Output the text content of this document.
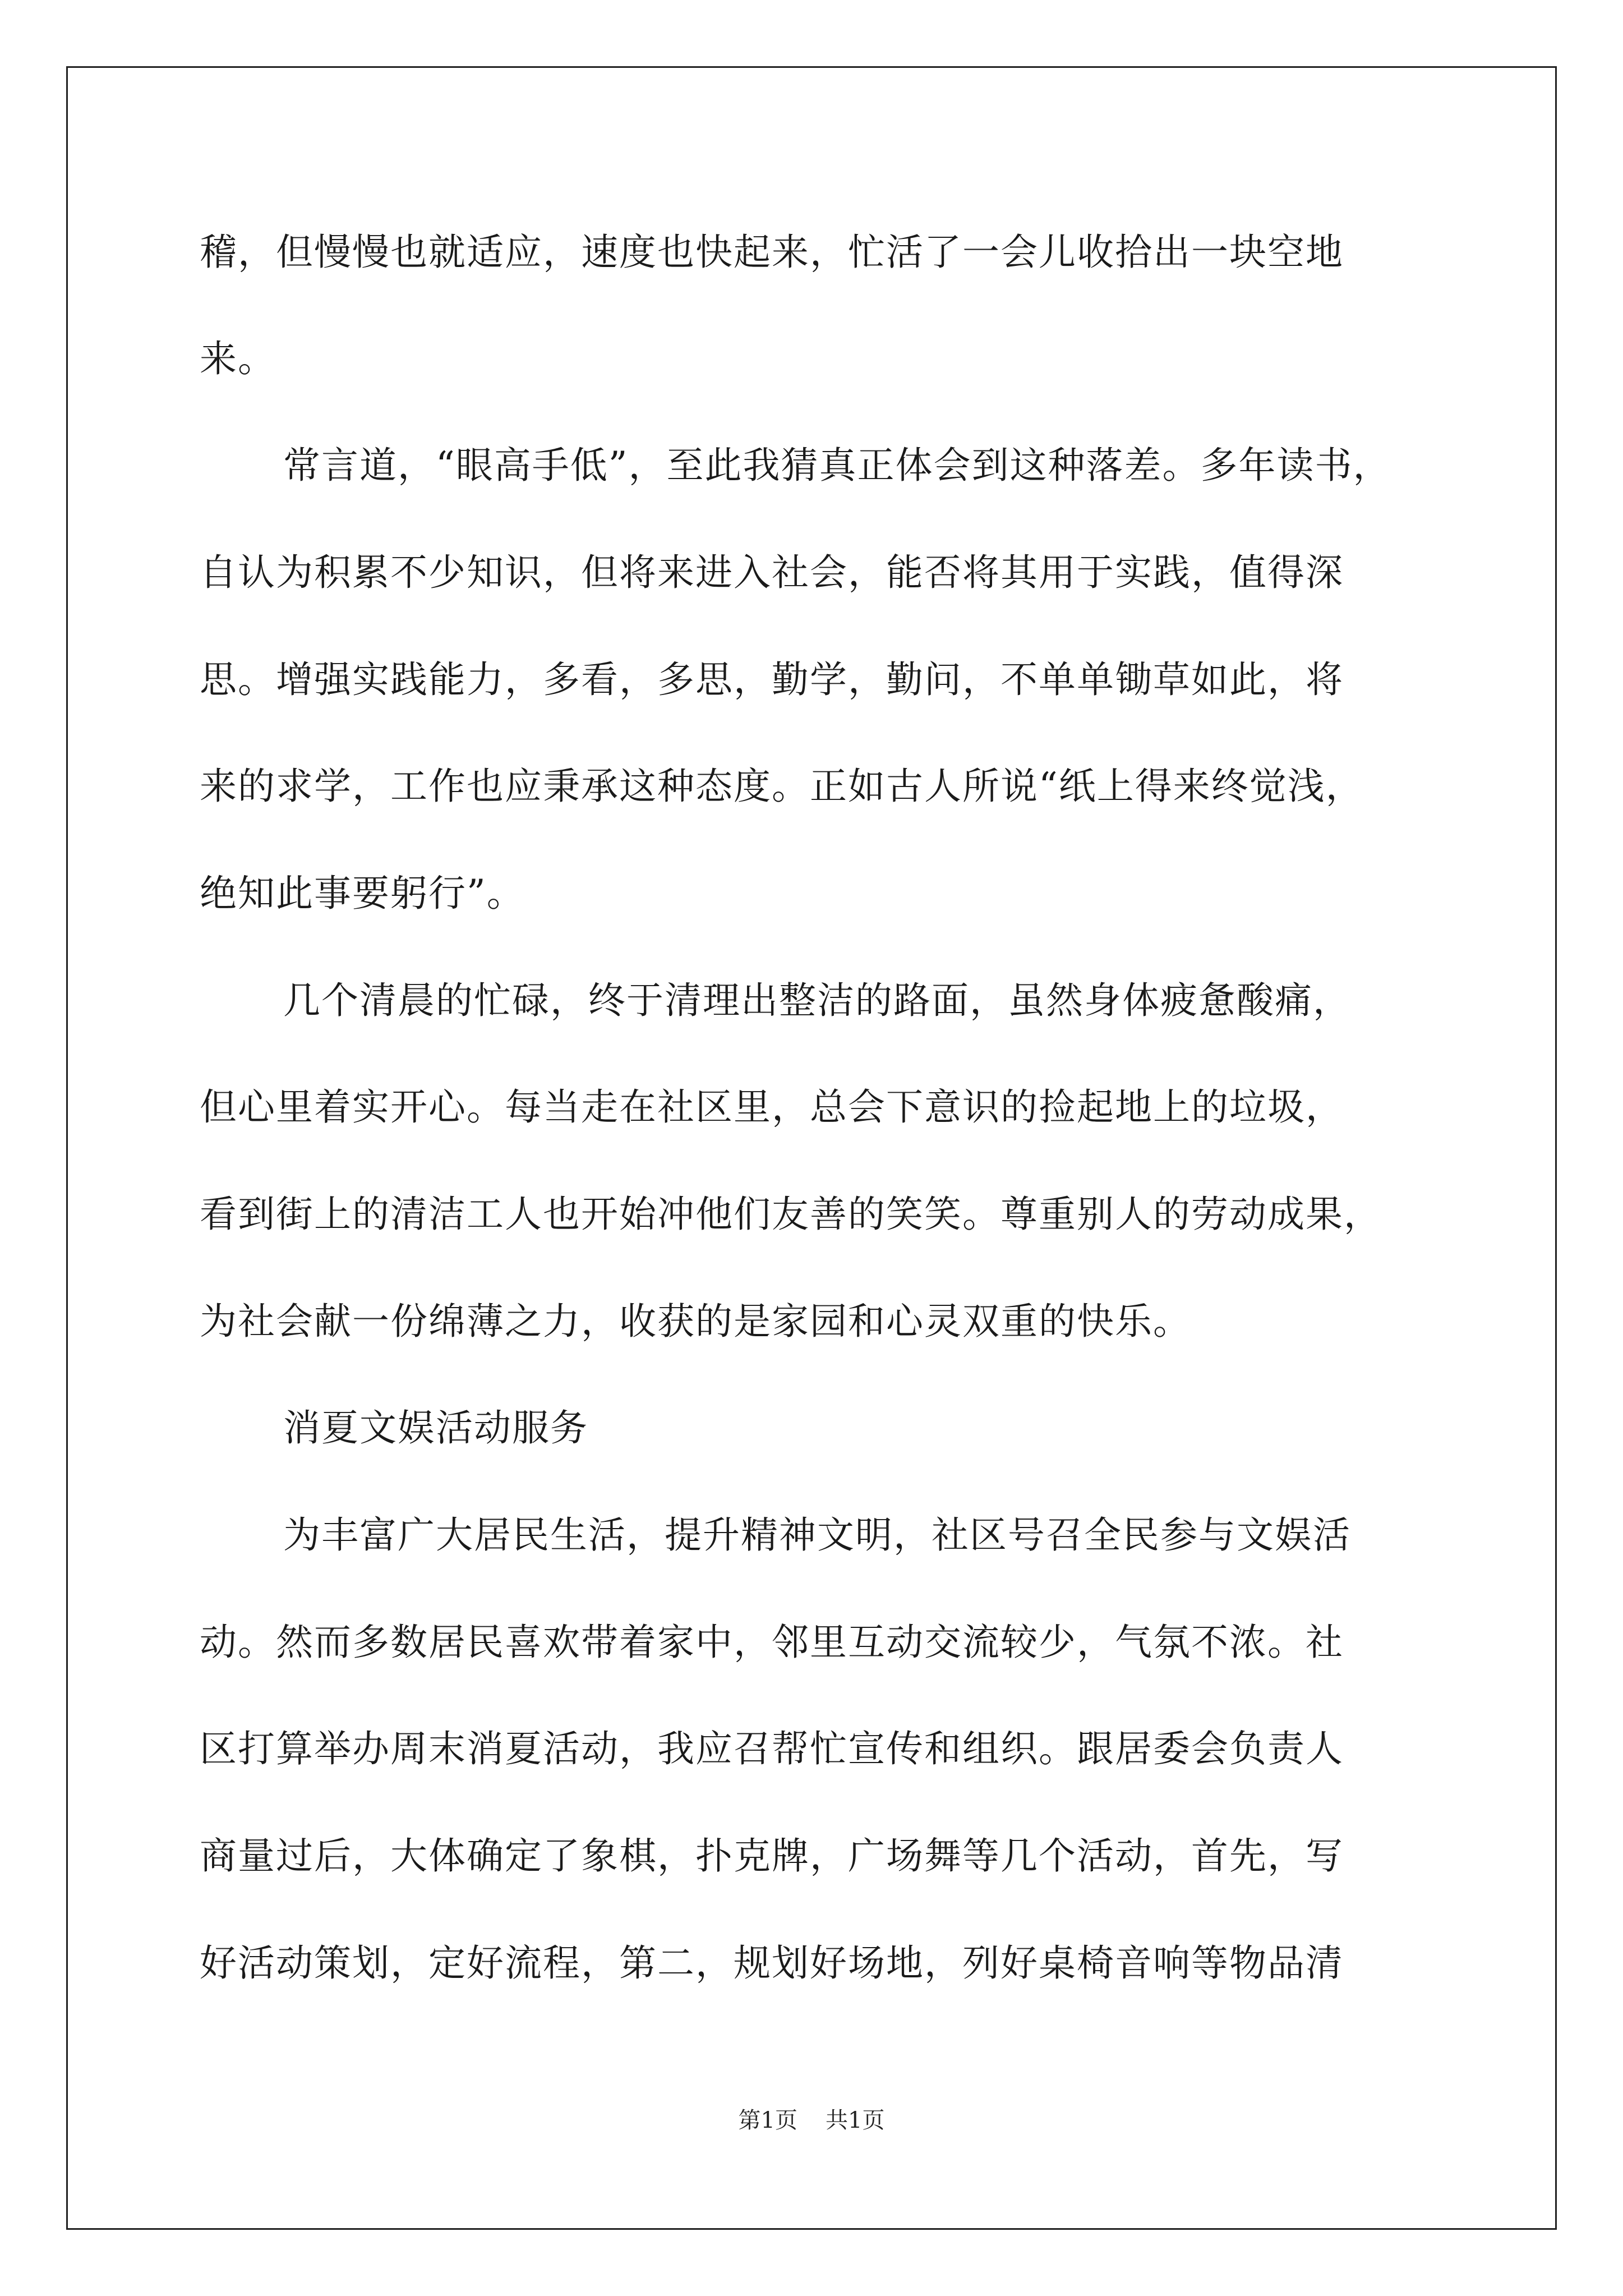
稽，但慢慢也就适应，速度也快起来，忙活了一会儿收拾出一块空地
来。
常言道，“眼高手低”，至此我猜真正体会到这种落差。多年读书，
自认为积累不少知识，但将来进入社会，能否将其用于实践，值得深
思。增强实践能力，多看，多思，勤学，勤问，不单单锄草如此，将
来的求学，工作也应秉承这种态度。正如古人所说“纸上得来终觉浅，
绝知此事要躬行”。
几个清晨的忙碌，终于清理出整洁的路面，虽然身体疲惫酸痛，
但心里着实开心。每当走在社区里，总会下意识的捡起地上的垃圾，
看到街上的清洁工人也开始冲他们友善的笑笑。尊重别人的劳动成果，
为社会献一份绵薄之力，收获的是家园和心灵双重的快乐。
消夏文娱活动服务
为丰富广大居民生活，提升精神文明，社区号召全民参与文娱活
动。然而多数居民喜欢带着家中，邻里互动交流较少，气氛不浓。社
区打算举办周末消夏活动，我应召帮忙宣传和组织。跟居委会负责人
商量过后，大体确定了象棋，扑克牌，广场舞等几个活动，首先，写
好活动策划，定好流程，第二，规划好场地，列好桌椅音响等物品清
第1页 共1页
